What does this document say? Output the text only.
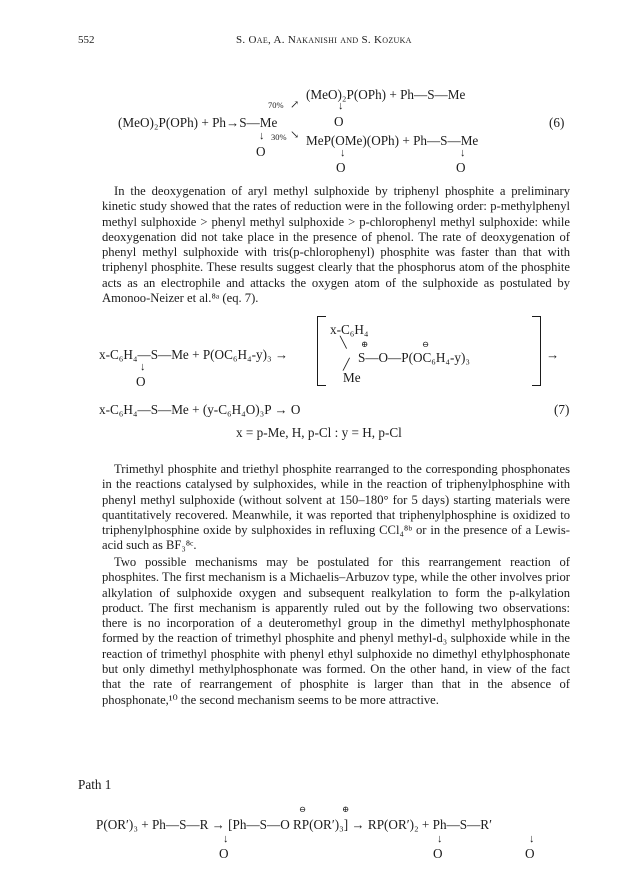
552	S. Oae, A. Nakanishi and S. Kozuka
(MeO)₂P(OPh) + Ph→S—Me
↓
O
70% ↗
30% ↘
(MeO)₂P(OPh) + Ph—S—Me
↓
O
MeP(OMe)(OPh) + Ph—S—Me
↓
O
↓
O
(6)

In the deoxygenation of aryl methyl sulphoxide by triphenyl phosphite a preliminary kinetic study showed that the rates of reduction were in the following order: p-methylphenyl methyl sulphoxide > phenyl methyl sulphoxide > p-chlorophenyl methyl sulphoxide: while deoxygenation did not take place in the presence of phenol. The rate of deoxygenation of phenyl methyl sulphoxide with tris(p-chlorophenyl) phosphite was faster than that with triphenyl phosphite. These results suggest clearly that the phosphorus atom of the phosphite acts as an electrophile and attacks the oxygen atom of the sulphoxide as postulated by Amonoo-Neizer et al.⁸ᵃ (eq. 7).

x-C₆H₄—S—Me + P(OC₆H₄-y)₃ →
↓
O
x-C₆H₄
⊕	⊖
╲
S—O—P(OC₆H₄-y)₃
╱
Me
→
x-C₆H₄—S—Me + (y-C₆H₄O)₃P → O	(7)
x = p-Me, H, p-Cl : y = H, p-Cl

Trimethyl phosphite and triethyl phosphite rearranged to the corresponding phosphonates in the reactions catalysed by sulphoxides, while in the reaction of triphenylphosphine with phenyl methyl sulphoxide (without solvent at 150–180° for 5 days) starting materials were quantitatively recovered. Meanwhile, it was reported that triphenylphosphine is oxidized to triphenylphosphine oxide by sulphoxides in refluxing CCl₄⁸ᵇ or in the presence of a Lewis-acid such as BF₃⁸ᶜ.

Two possible mechanisms may be postulated for this rearrangement reaction of phosphites. The first mechanism is a Michaelis–Arbuzov type, while the other involves prior alkylation of sulphoxide oxygen and subsequent realkylation to form the p-alkylation product. The first mechanism is apparently ruled out by the following two observations: there is no incorporation of a deuteromethyl group in the dimethyl methylphosphonate formed by the reaction of trimethyl phosphite and phenyl methyl-d₃ sulphoxide while in the reaction of trimethyl phosphite with phenyl ethyl sulphoxide no dimethyl ethylphosphonate but only dimethyl methylphosphonate was formed. On the other hand, in view of the fact that the rate of rearrangement of phosphite is larger than that in the absence of phosphonate,¹⁰ the second mechanism seems to be more attractive.

Path 1
⊖	⊕
P(OR′)₃ + Ph—S—R → [Ph—S—O RP(OR′)₃] → RP(OR′)₂ + Ph—S—R′
↓
O
↓
O
↓
O
